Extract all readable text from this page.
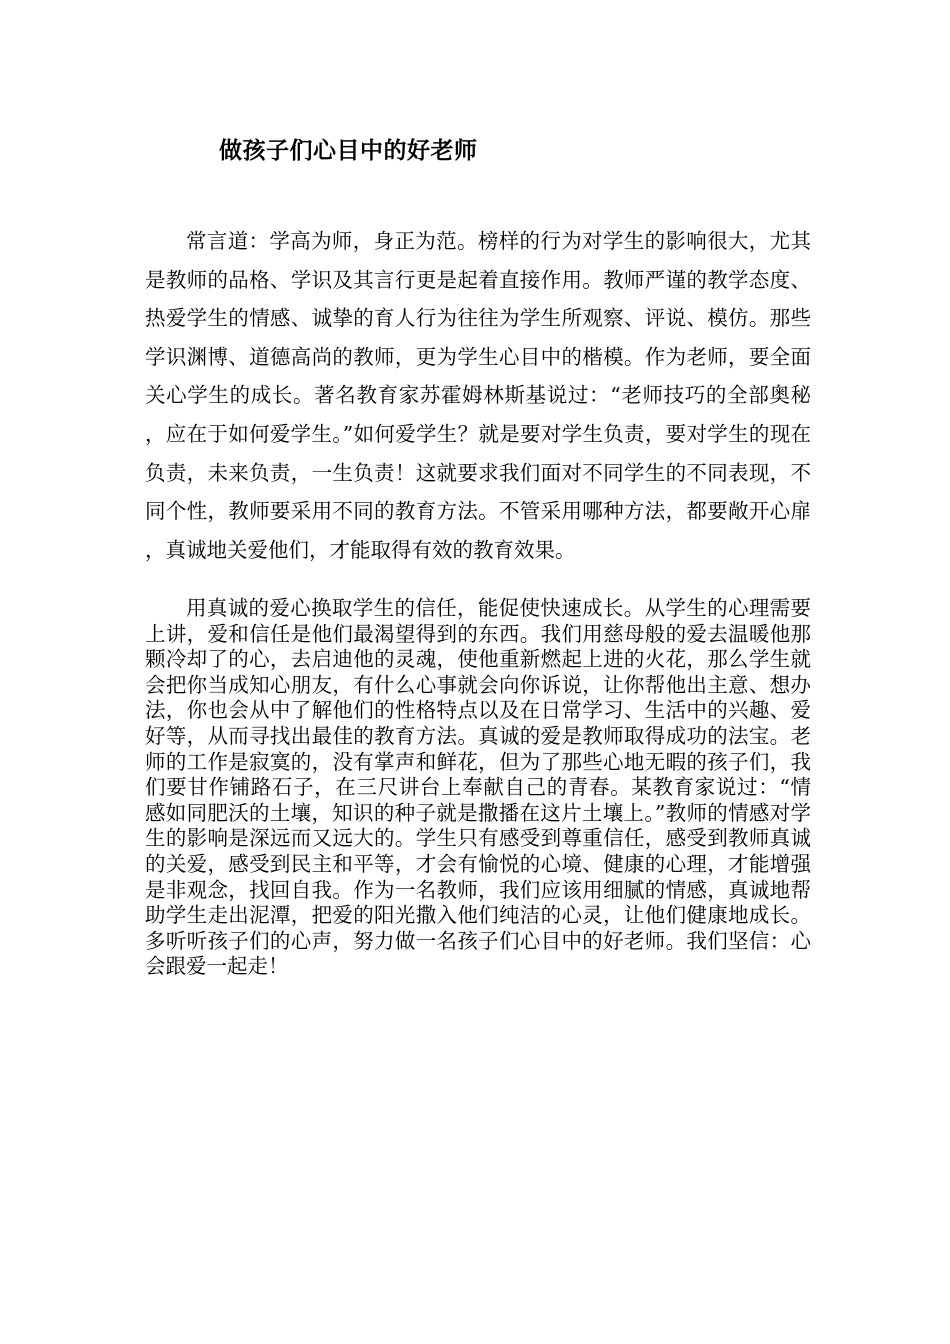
做孩子们心目中的好老师

常言道：学高为师，身正为范。榜样的行为对学生的影响很大，尤其是教师的品格、学识及其言行更是起着直接作用。教师严谨的教学态度、热爱学生的情感、诚挚的育人行为往往为学生所观察、评说、模仿。那些学识渊博、道德高尚的教师，更为学生心目中的楷模。作为老师，要全面关心学生的成长。著名教育家苏霍姆林斯基说过：“老师技巧的全部奥秘，应在于如何爱学生。”如何爱学生？就是要对学生负责，要对学生的现在负责，未来负责，一生负责！这就要求我们面对不同学生的不同表现，不同个性，教师要采用不同的教育方法。不管采用哪种方法，都要敞开心扉，真诚地关爱他们，才能取得有效的教育效果。

用真诚的爱心换取学生的信任，能促使快速成长。从学生的心理需要上讲，爱和信任是他们最渴望得到的东西。我们用慈母般的爱去温暖他那颗冷却了的心，去启迪他的灵魂，使他重新燃起上进的火花，那么学生就会把你当成知心朋友，有什么心事就会向你诉说，让你帮他出主意、想办法，你也会从中了解他们的性格特点以及在日常学习、生活中的兴趣、爱好等，从而寻找出最佳的教育方法。真诚的爱是教师取得成功的法宝。老师的工作是寂寞的，没有掌声和鲜花，但为了那些心地无暇的孩子们，我们要甘作铺路石子，在三尺讲台上奉献自己的青春。某教育家说过：“情感如同肥沃的土壤，知识的种子就是撒播在这片土壤上。”教师的情感对学生的影响是深远而又远大的。学生只有感受到尊重信任，感受到教师真诚的关爱，感受到民主和平等，才会有愉悦的心境、健康的心理，才能增强是非观念，找回自我。作为一名教师，我们应该用细腻的情感，真诚地帮助学生走出泥潭，把爱的阳光撒入他们纯洁的心灵，让他们健康地成长。多听听孩子们的心声，努力做一名孩子们心目中的好老师。我们坚信：心会跟爱一起走！
